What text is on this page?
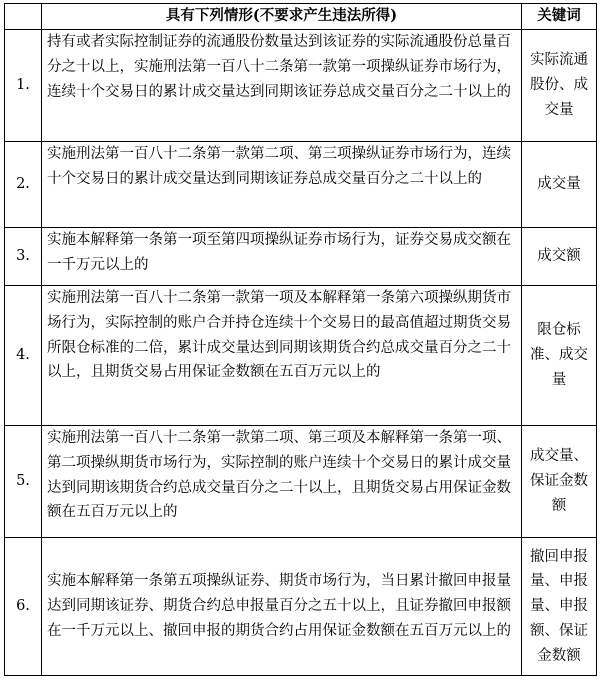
	具有下列情形(不要求产生违法所得)	关键词
1.	持有或者实际控制证券的流通股份数量达到该证券的实际流通股份总量百分之十以上，实施刑法第一百八十二条第一款第一项操纵证券市场行为，连续十个交易日的累计成交量达到同期该证券总成交量百分之二十以上的	实际流通股份、成交量
2.	实施刑法第一百八十二条第一款第二项、第三项操纵证券市场行为，连续十个交易日的累计成交量达到同期该证券总成交量百分之二十以上的	成交量
3.	实施本解释第一条第一项至第四项操纵证券市场行为，证券交易成交额在一千万元以上的	成交额
4.	实施刑法第一百八十二条第一款第一项及本解释第一条第六项操纵期货市场行为，实际控制的账户合并持仓连续十个交易日的最高值超过期货交易所限仓标准的二倍，累计成交量达到同期该期货合约总成交量百分之二十以上，且期货交易占用保证金数额在五百万元以上的	限仓标准、成交量
5.	实施刑法第一百八十二条第一款第二项、第三项及本解释第一条第一项、第二项操纵期货市场行为，实际控制的账户连续十个交易日的累计成交量达到同期该期货合约总成交量百分之二十以上，且期货交易占用保证金数额在五百万元以上的	成交量、保证金数额
6.	实施本解释第一条第五项操纵证券、期货市场行为，当日累计撤回申报量达到同期该证券、期货合约总申报量百分之五十以上，且证券撤回申报额在一千万元以上、撤回申报的期货合约占用保证金数额在五百万元以上的	撤回申报量、申报量、申报额、保证金数额
